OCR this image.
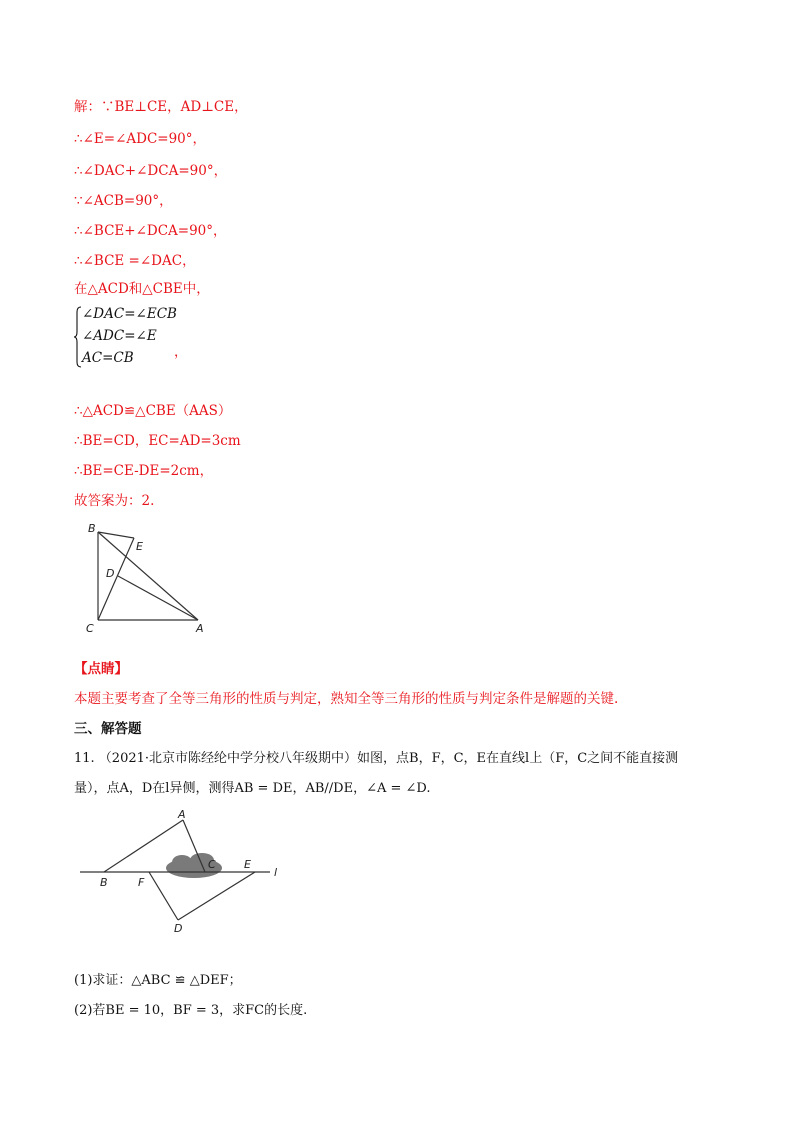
解：∵BE⊥CE，AD⊥CE，
∴∠E=∠ADC=90°，
∴∠DAC+∠DCA=90°，
∵∠ACB=90°，
∴∠BCE+∠DCA=90°，
∴∠BCE =∠DAC，
在△ACD和△CBE中，
∠DAC=∠ECB
∠ADC=∠E
AC=CB	，
∴△ACD≌△CBE（AAS）
∴BE=CD，EC=AD=3cm
∴BE=CE-DE=2cm，
故答案为：2.
B
E
D
C	A
【点睛】
本题主要考查了全等三角形的性质与判定，熟知全等三角形的性质与判定条件是解题的关键.
三、解答题
11. （2021·北京市陈经纶中学分校八年级期中）如图，点B，F，C，E在直线l上（F，C之间不能直接测
量），点A，D在l异侧，测得AB = DE，AB//DE，∠A = ∠D.
A
C	E
l
B	F
D
(1)求证：△ABC ≌ △DEF；
(2)若BE = 10，BF = 3，求FC的长度.
